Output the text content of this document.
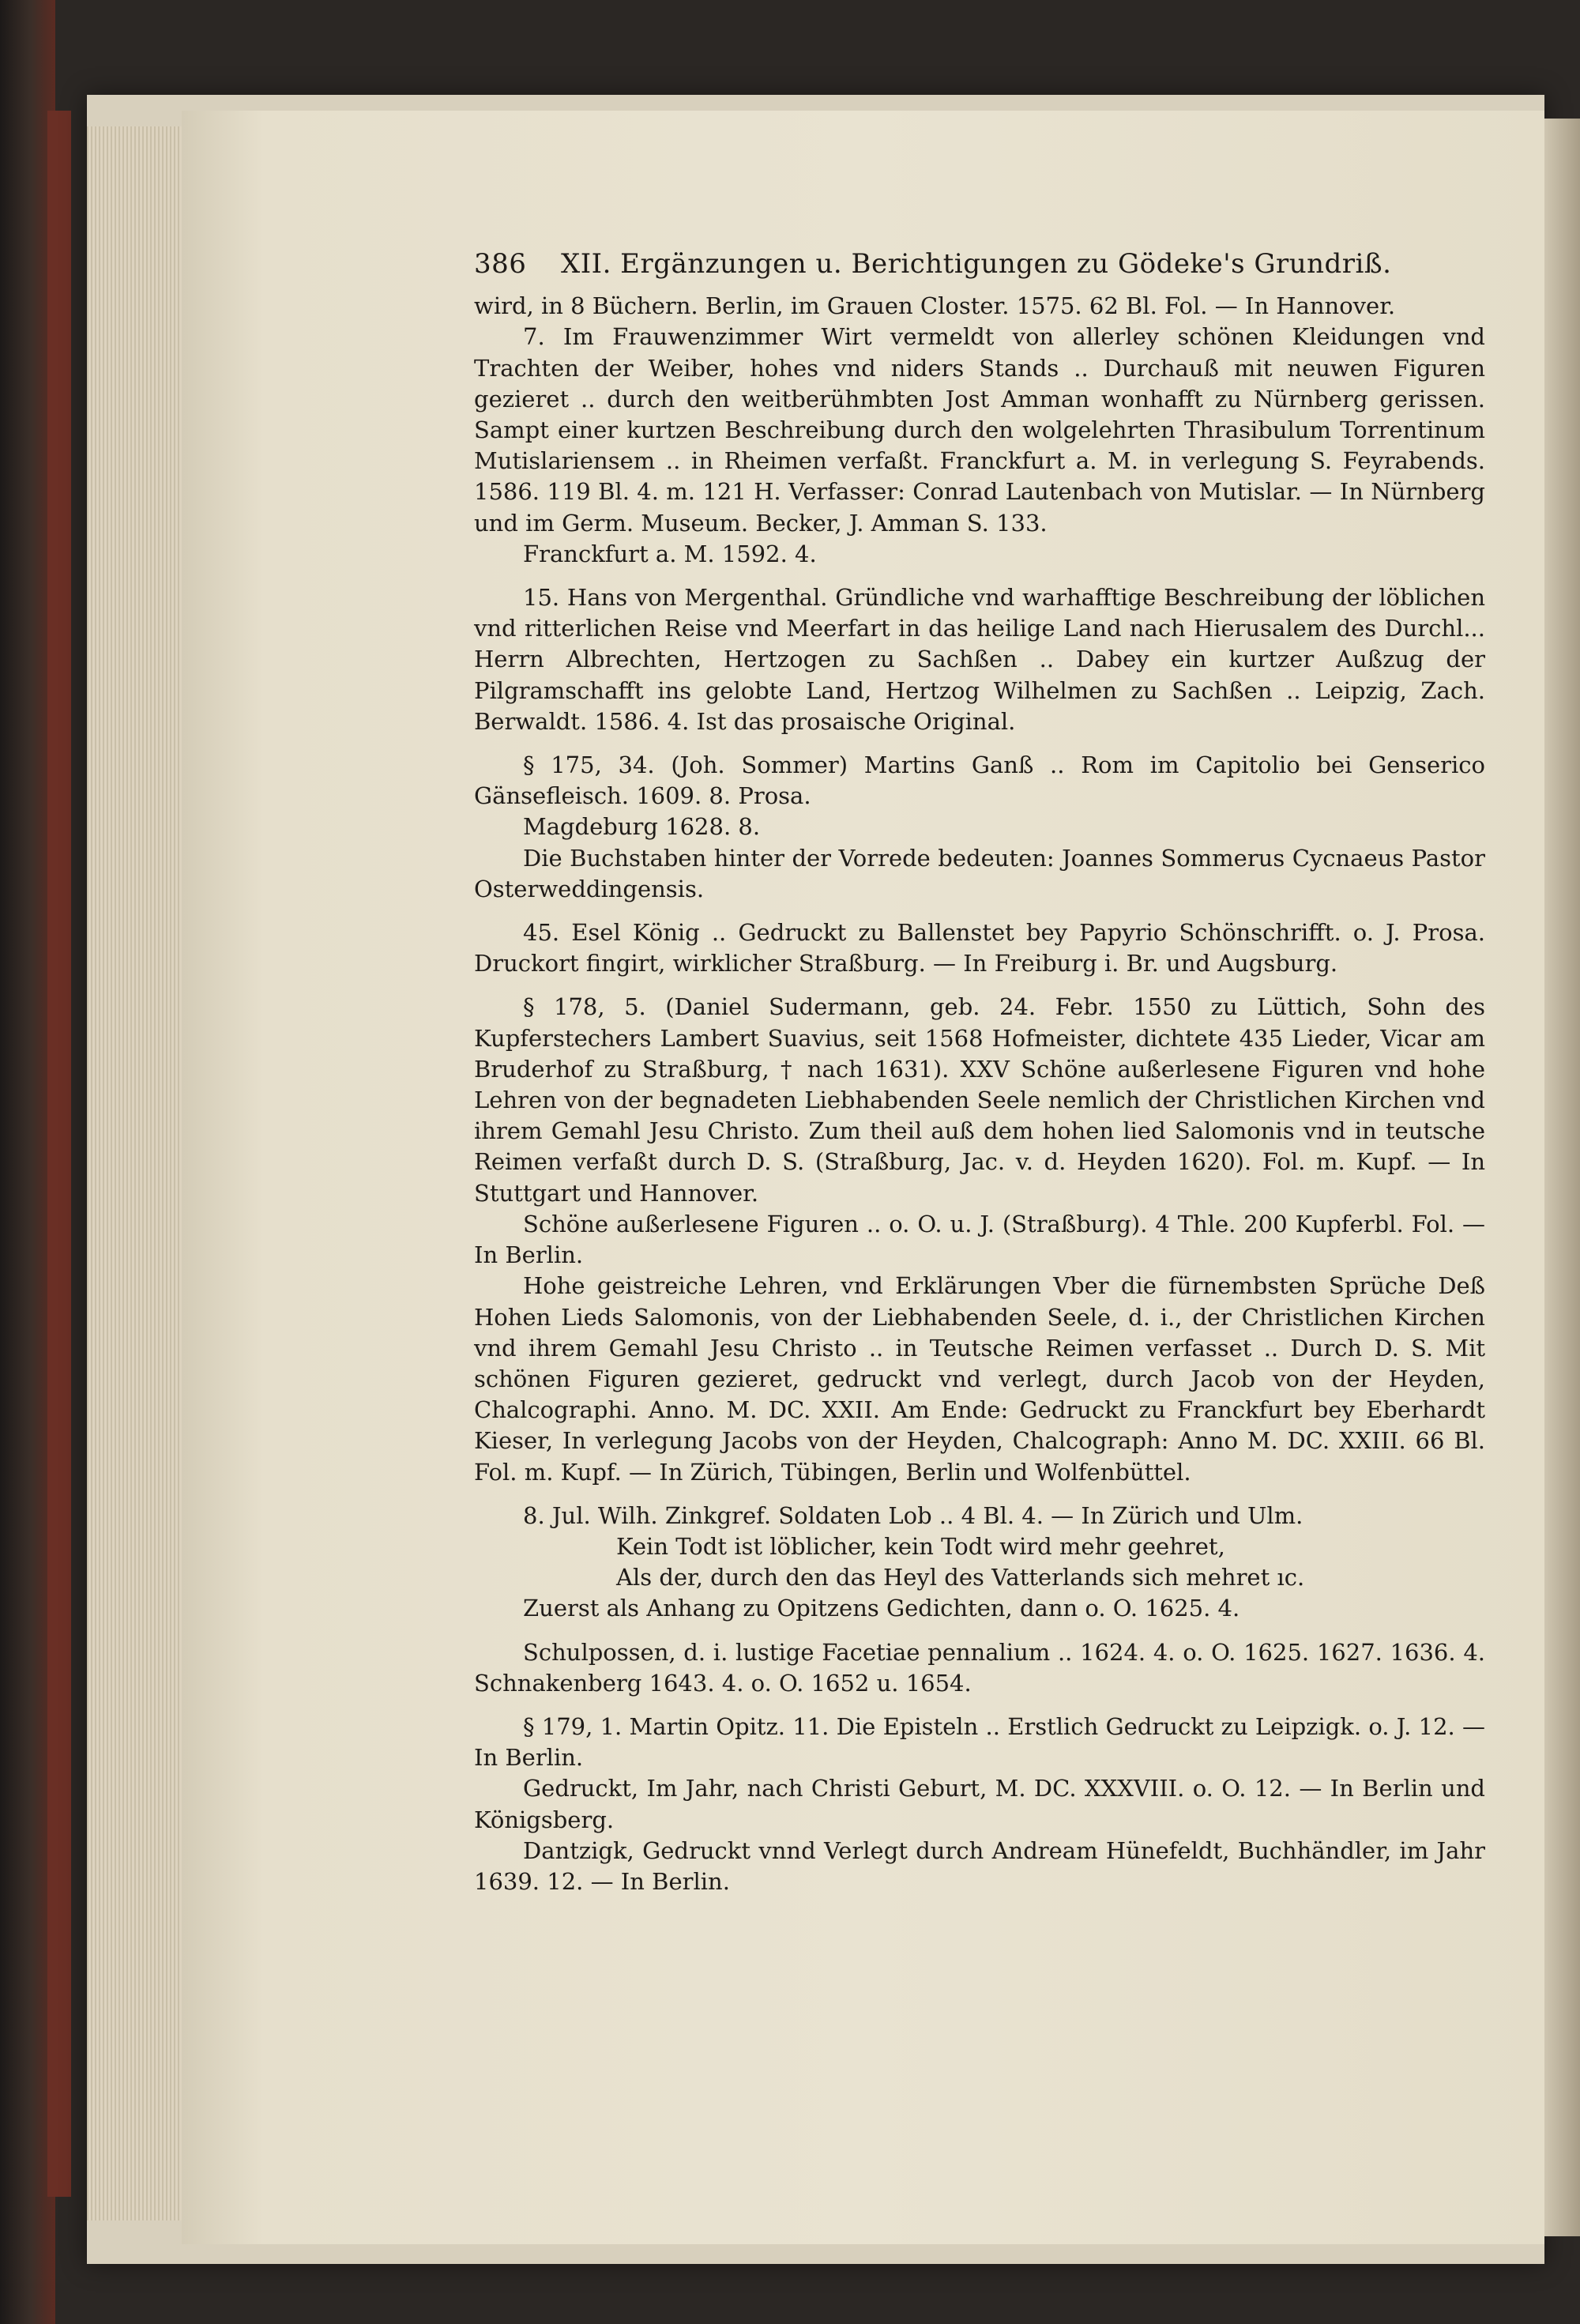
386	XII. Ergänzungen u. Berichtigungen zu Gödeke's Grundriß.

wird, in 8 Büchern. Berlin, im Grauen Closter. 1575. 62 Bl. Fol. — In Hannover.

7. Im Frauwenzimmer Wirt vermeldt von allerley schönen Kleidungen vnd Trachten der Weiber, hohes vnd niders Stands .. Durchauß mit neuwen Figuren gezieret .. durch den weitberühmbten Jost Amman wonhafft zu Nürnberg gerissen. Sampt einer kurtzen Beschreibung durch den wolgelehrten Thrasibulum Torrentinum Mutislariensem .. in Rheimen verfaßt. Franckfurt a. M. in verlegung S. Feyrabends. 1586. 119 Bl. 4. m. 121 H. Verfasser: Conrad Lautenbach von Mutislar. — In Nürnberg und im Germ. Museum. Becker, J. Amman S. 133.

Franckfurt a. M. 1592. 4.

15. Hans von Mergenthal. Gründliche vnd warhafftige Beschreibung der löblichen vnd ritterlichen Reise vnd Meerfart in das heilige Land nach Hierusalem des Durchl... Herrn Albrechten, Hertzogen zu Sachßen .. Dabey ein kurtzer Außzug der Pilgramschafft ins gelobte Land, Hertzog Wilhelmen zu Sachßen .. Leipzig, Zach. Berwaldt. 1586. 4. Ist das prosaische Original.

§ 175, 34. (Joh. Sommer) Martins Ganß .. Rom im Capitolio bei Genserico Gänsefleisch. 1609. 8. Prosa.

Magdeburg 1628. 8.

Die Buchstaben hinter der Vorrede bedeuten: Joannes Sommerus Cycnaeus Pastor Osterweddingensis.

45. Esel König .. Gedruckt zu Ballenstet bey Papyrio Schönschrifft. o. J. Prosa. Druckort fingirt, wirklicher Straßburg. — In Freiburg i. Br. und Augsburg.

§ 178, 5. (Daniel Sudermann, geb. 24. Febr. 1550 zu Lüttich, Sohn des Kupferstechers Lambert Suavius, seit 1568 Hofmeister, dichtete 435 Lieder, Vicar am Bruderhof zu Straßburg, † nach 1631). XXV Schöne außerlesene Figuren vnd hohe Lehren von der begnadeten Liebhabenden Seele nemlich der Christlichen Kirchen vnd ihrem Gemahl Jesu Christo. Zum theil auß dem hohen lied Salomonis vnd in teutsche Reimen verfaßt durch D. S. (Straßburg, Jac. v. d. Heyden 1620). Fol. m. Kupf. — In Stuttgart und Hannover.

Schöne außerlesene Figuren .. o. O. u. J. (Straßburg). 4 Thle. 200 Kupferbl. Fol. — In Berlin.

Hohe geistreiche Lehren, vnd Erklärungen Vber die fürnembsten Sprüche Deß Hohen Lieds Salomonis, von der Liebhabenden Seele, d. i., der Christlichen Kirchen vnd ihrem Gemahl Jesu Christo .. in Teutsche Reimen verfasset .. Durch D. S. Mit schönen Figuren gezieret, gedruckt vnd verlegt, durch Jacob von der Heyden, Chalcographi. Anno. M. DC. XXII. Am Ende: Gedruckt zu Franckfurt bey Eberhardt Kieser, In verlegung Jacobs von der Heyden, Chalcograph: Anno M. DC. XXIII. 66 Bl. Fol. m. Kupf. — In Zürich, Tübingen, Berlin und Wolfenbüttel.

8. Jul. Wilh. Zinkgref. Soldaten Lob .. 4 Bl. 4. — In Zürich und Ulm.

Kein Todt ist löblicher, kein Todt wird mehr geehret,

Als der, durch den das Heyl des Vatterlands sich mehret ıc.

Zuerst als Anhang zu Opitzens Gedichten, dann o. O. 1625. 4.

Schulpossen, d. i. lustige Facetiae pennalium .. 1624. 4. o. O. 1625. 1627. 1636. 4. Schnakenberg 1643. 4. o. O. 1652 u. 1654.

§ 179, 1. Martin Opitz. 11. Die Episteln .. Erstlich Gedruckt zu Leipzigk. o. J. 12. — In Berlin.

Gedruckt, Im Jahr, nach Christi Geburt, M. DC. XXXVIII. o. O. 12. — In Berlin und Königsberg.

Dantzigk, Gedruckt vnnd Verlegt durch Andream Hünefeldt, Buchhändler, im Jahr 1639. 12. — In Berlin.
